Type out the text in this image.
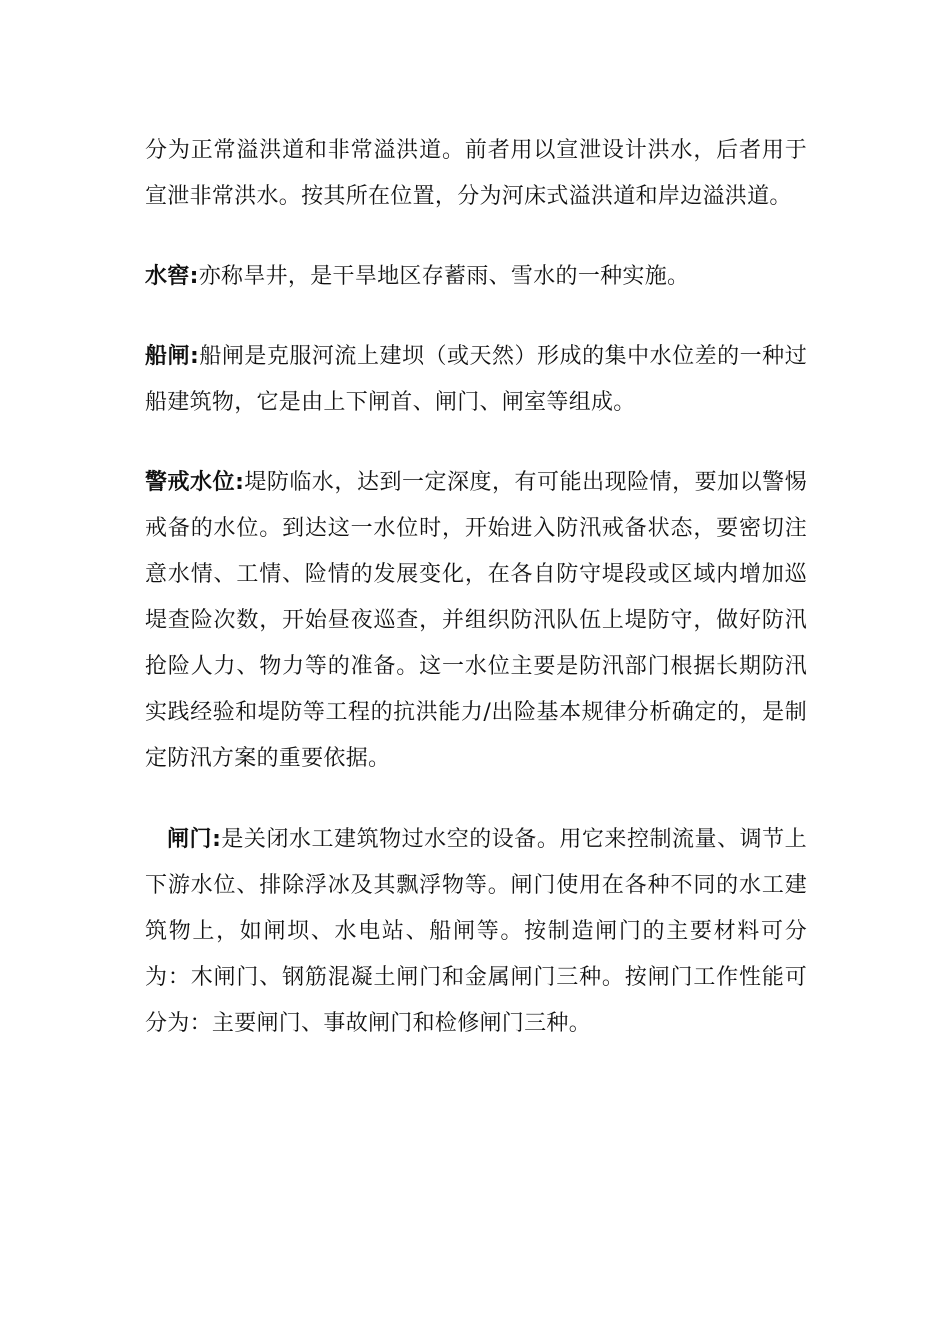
分为正常溢洪道和非常溢洪道。前者用以宣泄设计洪水，后者用于宣泄非常洪水。按其所在位置，分为河床式溢洪道和岸边溢洪道。

水窖:亦称旱井，是干旱地区存蓄雨、雪水的一种实施。

船闸:船闸是克服河流上建坝（或天然）形成的集中水位差的一种过船建筑物，它是由上下闸首、闸门、闸室等组成。

警戒水位:堤防临水，达到一定深度，有可能出现险情，要加以警惕戒备的水位。到达这一水位时，开始进入防汛戒备状态，要密切注意水情、工情、险情的发展变化，在各自防守堤段或区域内增加巡堤查险次数，开始昼夜巡查，并组织防汛队伍上堤防守，做好防汛抢险人力、物力等的准备。这一水位主要是防汛部门根据长期防汛实践经验和堤防等工程的抗洪能力/出险基本规律分析确定的，是制定防汛方案的重要依据。

闸门:是关闭水工建筑物过水空的设备。用它来控制流量、调节上下游水位、排除浮冰及其飘浮物等。闸门使用在各种不同的水工建筑物上，如闸坝、水电站、船闸等。按制造闸门的主要材料可分为：木闸门、钢筋混凝土闸门和金属闸门三种。按闸门工作性能可分为：主要闸门、事故闸门和检修闸门三种。
